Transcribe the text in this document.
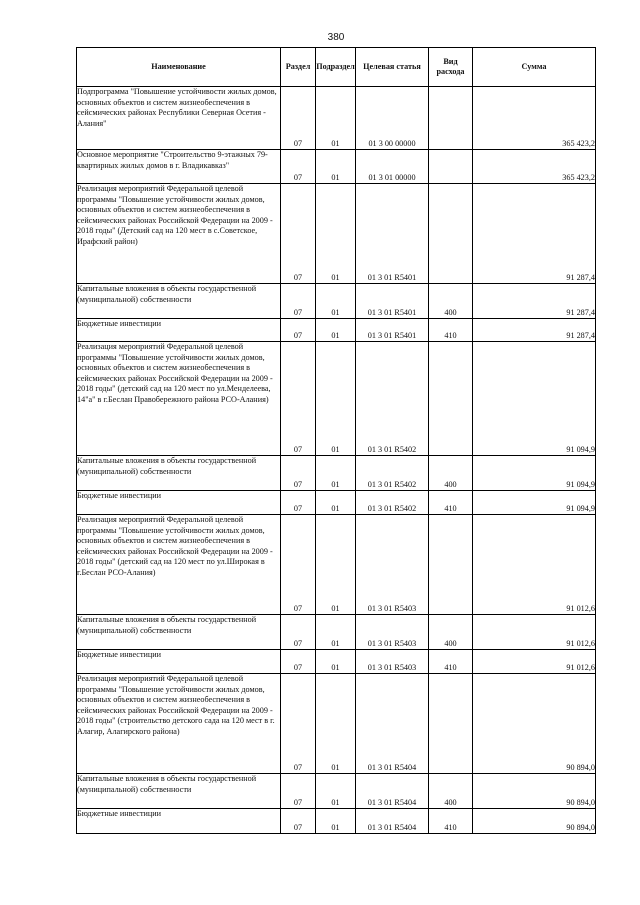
380
Наименование	Раздел	Подраздел	Целевая статья	Вид расхода	Сумма

Подпрограмма "Повышение устойчивости жилых домов, основных объектов и систем жизнеобеспечения в сейсмических районах Республики Северная Осетия - Алания"	07	01	01 3 00 00000		365 423,2

Основное мероприятие "Строительство 9-этажных 79-квартирных жилых домов в г. Владикавказ"	07	01	01 3 01 00000		365 423,2

Реализация мероприятий Федеральной целевой программы "Повышение устойчивости жилых домов, основных объектов и систем жизнеобеспечения в сейсмических районах Российской Федерации на 2009 - 2018 годы" (Детский сад на 120 мест в с.Советское, Ирафский район)	07	01	01 3 01 R5401		91 287,4

Капитальные вложения в объекты государственной (муниципальной) собственности	07	01	01 3 01 R5401	400	91 287,4

Бюджетные инвестиции	07	01	01 3 01 R5401	410	91 287,4

Реализация мероприятий Федеральной целевой программы "Повышение устойчивости жилых домов, основных объектов и систем жизнеобеспечения в сейсмических районах Российской Федерации на 2009 - 2018 годы" (детский сад на 120 мест по ул.Менделеева, 14"а" в г.Беслан Правобережного района РСО-Алания)	07	01	01 3 01 R5402		91 094,9

Капитальные вложения в объекты государственной (муниципальной) собственности	07	01	01 3 01 R5402	400	91 094,9

Бюджетные инвестиции	07	01	01 3 01 R5402	410	91 094,9

Реализация мероприятий Федеральной целевой программы "Повышение устойчивости жилых домов, основных объектов и систем жизнеобеспечения в сейсмических районах Российской Федерации на 2009 - 2018 годы" (детский сад на 120 мест по ул.Широкая в г.Беслан РСО-Алания)	07	01	01 3 01 R5403		91 012,6

Капитальные вложения в объекты государственной (муниципальной) собственности	07	01	01 3 01 R5403	400	91 012,6

Бюджетные инвестиции	07	01	01 3 01 R5403	410	91 012,6

Реализация мероприятий Федеральной целевой программы "Повышение устойчивости жилых домов, основных объектов и систем жизнеобеспечения в сейсмических районах Российской Федерации на 2009 - 2018 годы" (строительство детского сада на 120 мест в г. Алагир, Алагирского района)	07	01	01 3 01 R5404		90 894,0

Капитальные вложения в объекты государственной (муниципальной) собственности	07	01	01 3 01 R5404	400	90 894,0

Бюджетные инвестиции	07	01	01 3 01 R5404	410	90 894,0
